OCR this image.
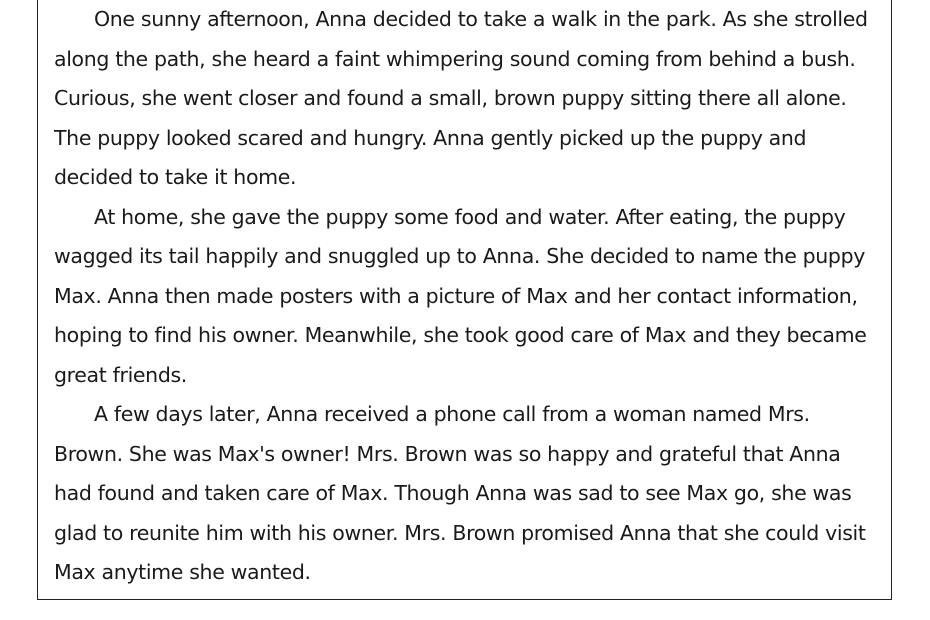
One sunny afternoon, Anna decided to take a walk in the park. As she strolled along the path, she heard a faint whimpering sound coming from behind a bush. Curious, she went closer and found a small, brown puppy sitting there all alone. The puppy looked scared and hungry. Anna gently picked up the puppy and decided to take it home.

At home, she gave the puppy some food and water. After eating, the puppy wagged its tail happily and snuggled up to Anna. She decided to name the puppy Max. Anna then made posters with a picture of Max and her contact information, hoping to find his owner. Meanwhile, she took good care of Max and they became great friends.

A few days later, Anna received a phone call from a woman named Mrs. Brown. She was Max's owner! Mrs. Brown was so happy and grateful that Anna had found and taken care of Max. Though Anna was sad to see Max go, she was glad to reunite him with his owner. Mrs. Brown promised Anna that she could visit Max anytime she wanted.
